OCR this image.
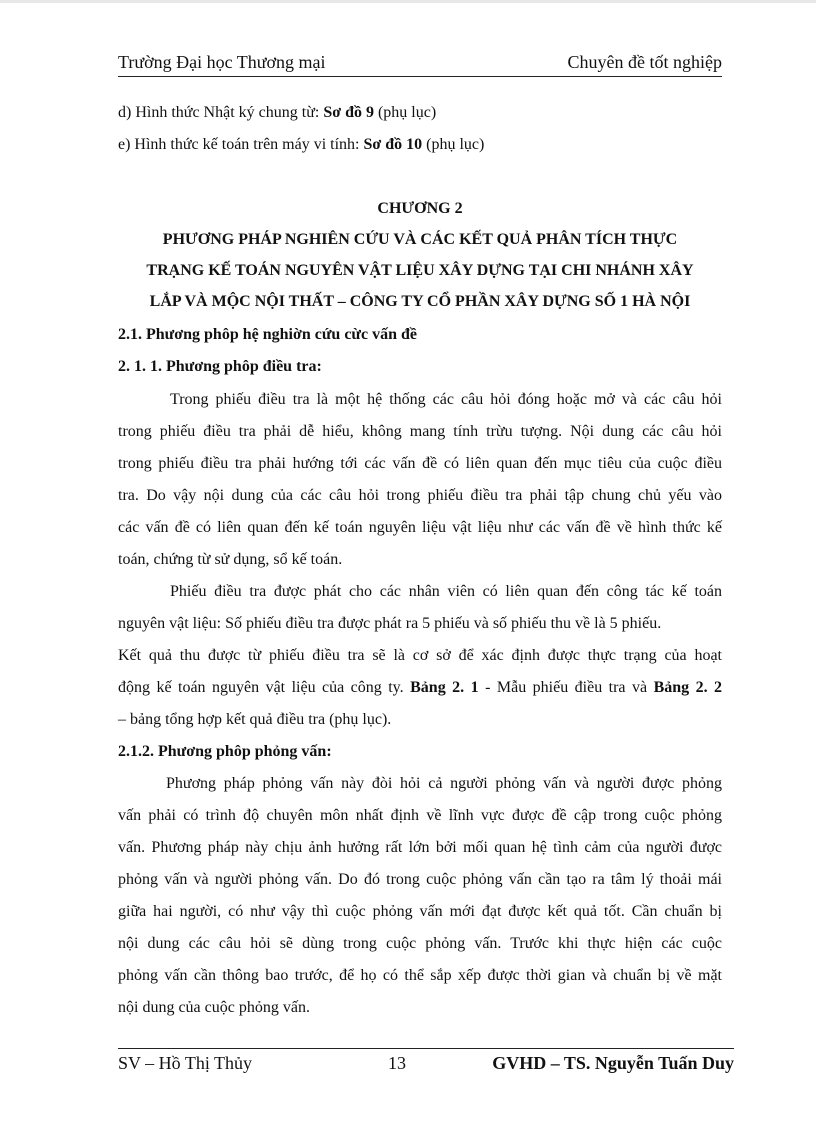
Trường Đại học Thương mại	Chuyên đề tốt nghiệp
d) Hình thức Nhật ký chung từ: Sơ đồ 9 (phụ lục)
e) Hình thức kế toán trên máy vi tính: Sơ đồ 10 (phụ lục)
CHƯƠNG 2
PHƯƠNG PHÁP NGHIÊN CỨU VÀ CÁC KẾT QUẢ PHÂN TÍCH THỰC
TRẠNG KẾ TOÁN NGUYÊN VẬT LIỆU XÂY DỰNG TẠI CHI NHÁNH XÂY
LẮP VÀ MỘC NỘI THẤT – CÔNG TY CỔ PHẦN XÂY DỰNG SỐ 1 HÀ NỘI
2.1. Phương phôp hệ nghiờn cứu cừc vấn đề
2. 1. 1. Phương phôp điều tra:
Trong phiếu điều tra là một hệ thống các câu hỏi đóng hoặc mở và các câu hỏi
trong phiếu điều tra phải dễ hiểu, không mang tính trừu tượng. Nội dung các câu hỏi
trong phiếu điều tra phải hướng tới các vấn đề có liên quan đến mục tiêu của cuộc điều
tra. Do vậy nội dung của các câu hỏi trong phiếu điều tra phải tập chung chủ yếu vào
các vấn đề có liên quan đến kế toán nguyên liệu vật liệu như các vấn đề về hình thức kế
toán, chứng từ sử dụng, sổ kế toán.
Phiếu điều tra được phát cho các nhân viên có liên quan đến công tác kế toán
nguyên vật liệu: Số phiếu điều tra được phát ra 5 phiếu và số phiếu thu về là 5 phiếu.
Kết quả thu được từ phiếu điều tra sẽ là cơ sở để xác định được thực trạng của hoạt
động kế toán nguyên vật liệu của công ty. Bảng 2. 1 - Mẫu phiếu điều tra và Bảng 2. 2
– bảng tổng hợp kết quả điều tra (phụ lục).
2.1.2. Phương phôp phỏng vấn:
Phương pháp phỏng vấn này đòi hỏi cả người phỏng vấn và người được phỏng
vấn phải có trình độ chuyên môn nhất định về lĩnh vực được đề cập trong cuộc phỏng
vấn. Phương pháp này chịu ảnh hưởng rất lớn bởi mối quan hệ tình cảm của người được
phỏng vấn và người phỏng vấn. Do đó trong cuộc phỏng vấn cần tạo ra tâm lý thoải mái
giữa hai người, có như vậy thì cuộc phỏng vấn mới đạt được kết quả tốt. Cần chuẩn bị
nội dung các câu hỏi sẽ dùng trong cuộc phỏng vấn. Trước khi thực hiện các cuộc
phỏng vấn cần thông bao trước, để họ có thể sắp xếp được thời gian và chuẩn bị về mặt
nội dung của cuộc phỏng vấn.
SV – Hồ Thị Thủy	13	GVHD – TS. Nguyễn Tuấn Duy
